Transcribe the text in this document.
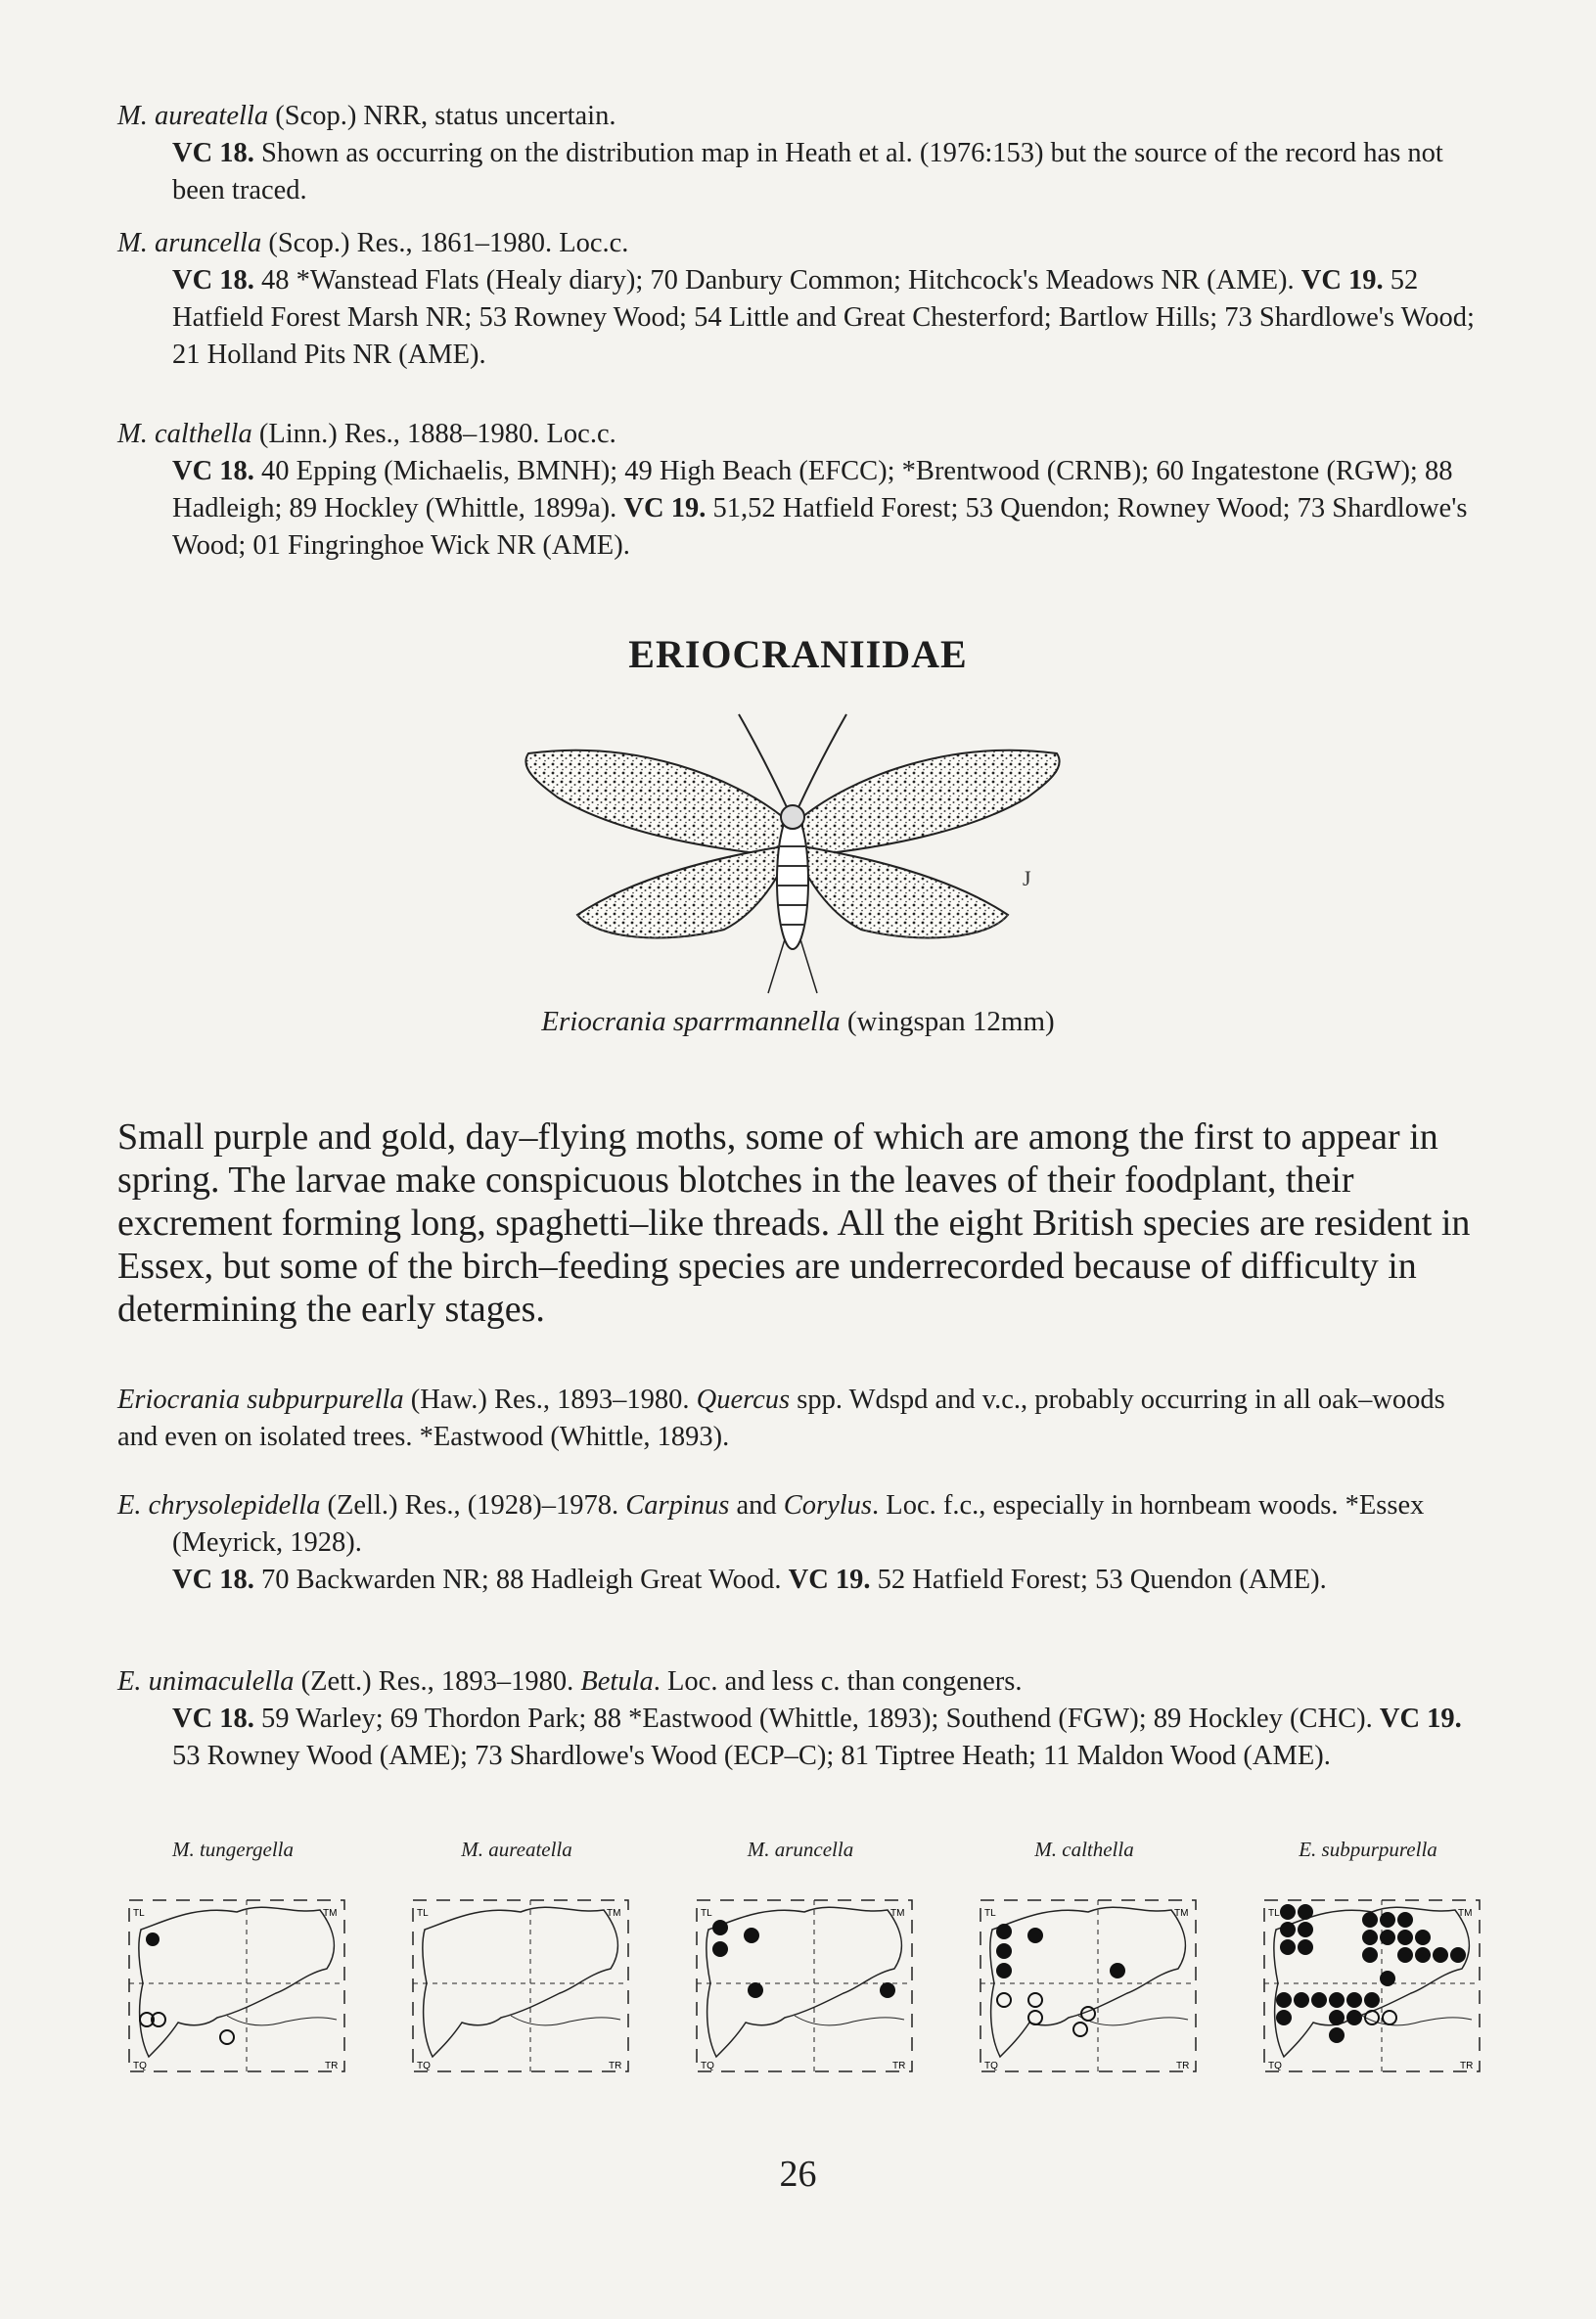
M. aureatella (Scop.) NRR, status uncertain.

VC 18. Shown as occurring on the distribution map in Heath et al. (1976:153) but the source of the record has not been traced.

M. aruncella (Scop.) Res., 1861–1980. Loc.c.

VC 18. 48 *Wanstead Flats (Healy diary); 70 Danbury Common; Hitchcock's Meadows NR (AME). VC 19. 52 Hatfield Forest Marsh NR; 53 Rowney Wood; 54 Little and Great Chesterford; Bartlow Hills; 73 Shardlowe's Wood; 21 Holland Pits NR (AME).

M. calthella (Linn.) Res., 1888–1980. Loc.c.

VC 18. 40 Epping (Michaelis, BMNH); 49 High Beach (EFCC); *Brentwood (CRNB); 60 Ingatestone (RGW); 88 Hadleigh; 89 Hockley (Whittle, 1899a). VC 19. 51,52 Hatfield Forest; 53 Quendon; Rowney Wood; 73 Shardlowe's Wood; 01 Fingringhoe Wick NR (AME).

ERIOCRANIIDAE
J
Eriocrania sparrmannella (wingspan 12mm)
Small purple and gold, day–flying moths, some of which are among the first to appear in spring. The larvae make conspicuous blotches in the leaves of their foodplant, their excrement forming long, spaghetti–like threads. All the eight British species are resident in Essex, but some of the birch–feeding species are underrecorded because of difficulty in determining the early stages.
Eriocrania subpurpurella (Haw.) Res., 1893–1980. Quercus spp. Wdspd and v.c., probably occurring in all oak–woods and even on isolated trees. *Eastwood (Whittle, 1893).

E. chrysolepidella (Zell.) Res., (1928)–1978. Carpinus and Corylus. Loc. f.c., especially in hornbeam woods. *Essex (Meyrick, 1928).

VC 18. 70 Backwarden NR; 88 Hadleigh Great Wood. VC 19. 52 Hatfield Forest; 53 Quendon (AME).

E. unimaculella (Zett.) Res., 1893–1980. Betula. Loc. and less c. than congeners.

VC 18. 59 Warley; 69 Thordon Park; 88 *Eastwood (Whittle, 1893); Southend (FGW); 89 Hockley (CHC). VC 19. 53 Rowney Wood (AME); 73 Shardlowe's Wood (ECP–C); 81 Tiptree Heath; 11 Maldon Wood (AME).

M. tungergella
TL	TM
TQ	TR
M. aureatella
TL	TM
TQ	TR
M. aruncella
TL	TM
TQ	TR
M. calthella
TL	TM
TQ	TR
E. subpurpurella
TL	TM
TQ	TR
26
